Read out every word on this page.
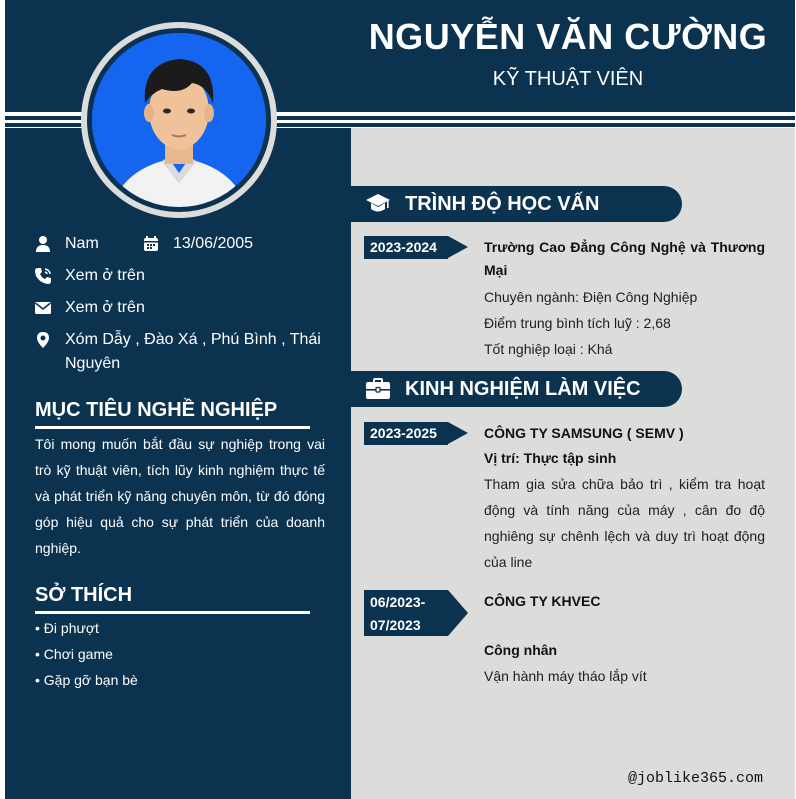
NGUYỄN VĂN CƯỜNG
KỸ THUẬT VIÊN
Nam	13/06/2005
Xem ở trên
Xem ở trên
Xóm Dẫy , Đào Xá , Phú Bình , Thái Nguyên
MỤC TIÊU NGHỀ NGHIỆP
Tôi mong muốn bắt đầu sự nghiệp trong vai trò kỹ thuật viên, tích lũy kinh nghiệm thực tế và phát triển kỹ năng chuyên môn, từ đó đóng góp hiệu quả cho sự phát triển của doanh nghiệp.
SỞ THÍCH
• Đi phượt
• Chơi game
• Gặp gỡ bạn bè
TRÌNH ĐỘ HỌC VẤN
2023-2024	Trường Cao Đẳng Công Nghệ và Thương Mại
Chuyên ngành: Điện Công Nghiệp
Điểm trung bình tích luỹ : 2,68
Tốt nghiệp loại : Khá
KINH NGHIỆM LÀM VIỆC
2023-2025	CÔNG TY SAMSUNG ( SEMV )
Vị trí: Thực tập sinh
Tham gia sửa chữa bảo trì , kiểm tra hoạt động và tính năng của máy , cân đo độ nghiêng sự chênh lệch và duy trì hoạt động của line
06/2023-
07/2023
CÔNG TY KHVEC
Công nhân
Vận hành máy tháo lắp vít
@joblike365.com
